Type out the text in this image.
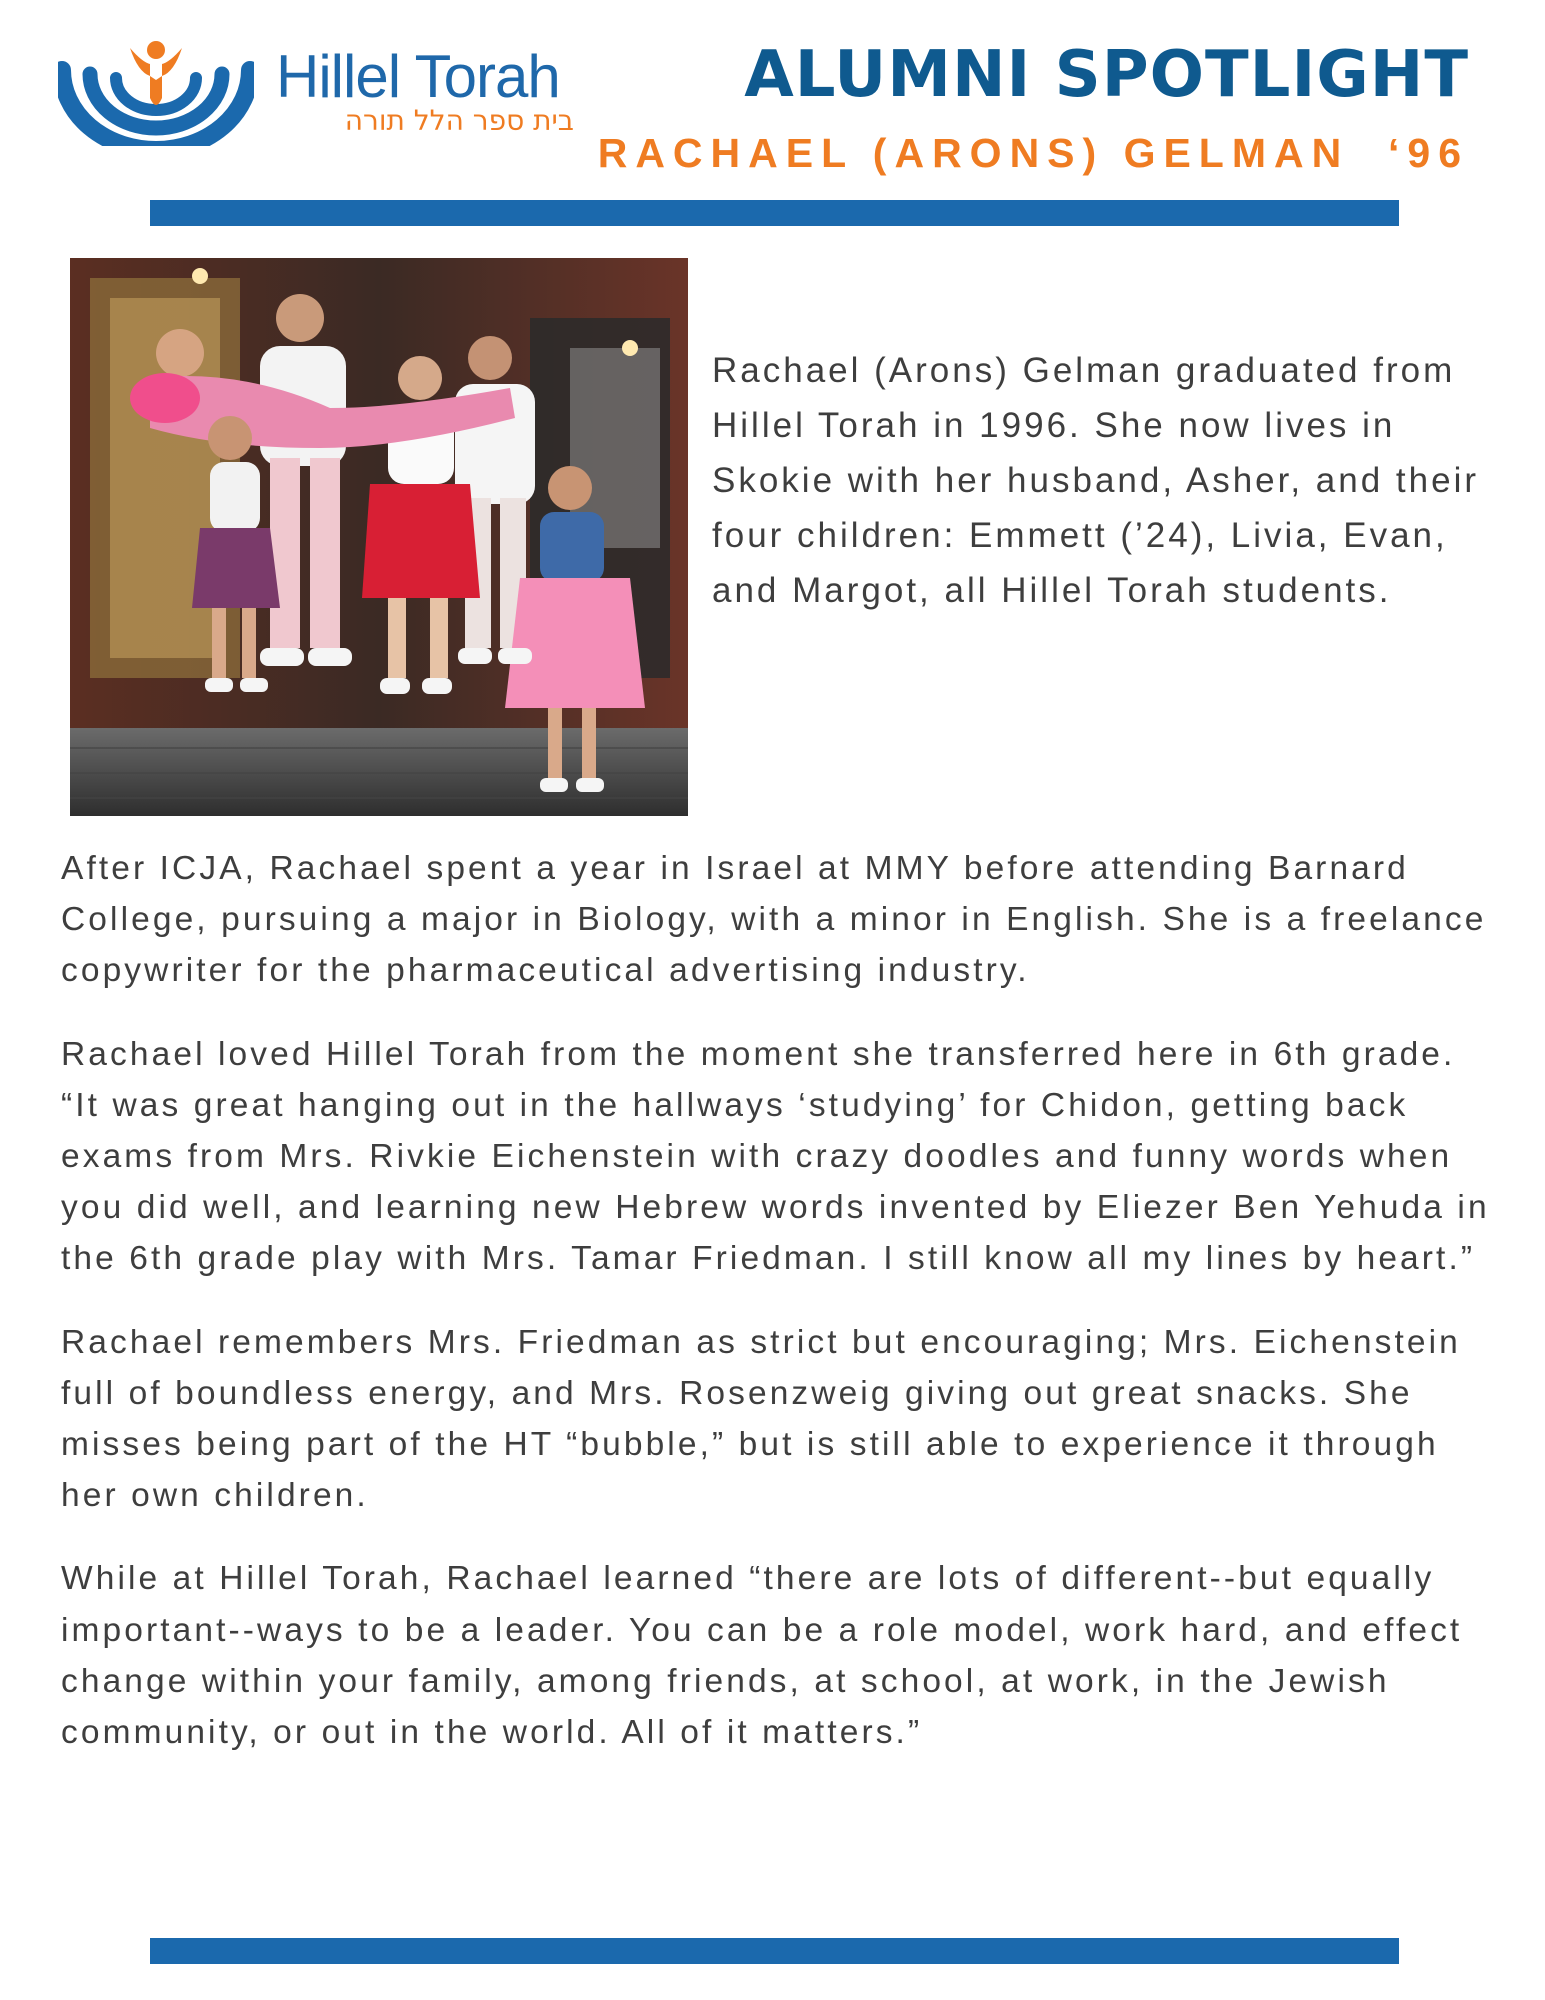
Hillel Torah
בית ספר הלל תורה
ALUMNI SPOTLIGHT
RACHAEL (ARONS) GELMAN  ‘96

Rachael (Arons) Gelman graduated from Hillel Torah in 1996. She now lives in Skokie with her husband, Asher, and their four children: Emmett (’24), Livia, Evan, and Margot, all Hillel Torah students.

After ICJA, Rachael spent a year in Israel at MMY before attending Barnard College, pursuing a major in Biology, with a minor in English. She is a freelance copywriter for the pharmaceutical advertising industry.

Rachael loved Hillel Torah from the moment she transferred here in 6th grade. “It was great hanging out in the hallways ‘studying’ for Chidon, getting back exams from Mrs. Rivkie Eichenstein with crazy doodles and funny words when you did well, and learning new Hebrew words invented by Eliezer Ben Yehuda in the 6th grade play with Mrs. Tamar Friedman. I still know all my lines by heart.”

Rachael remembers Mrs. Friedman as strict but encouraging; Mrs. Eichenstein full of boundless energy, and Mrs. Rosenzweig giving out great snacks. She misses being part of the HT “bubble,” but is still able to experience it through her own children.

While at Hillel Torah, Rachael learned “there are lots of different--but equally important--ways to be a leader. You can be a role model, work hard, and effect change within your family, among friends, at school, at work, in the Jewish community, or out in the world. All of it matters.”
